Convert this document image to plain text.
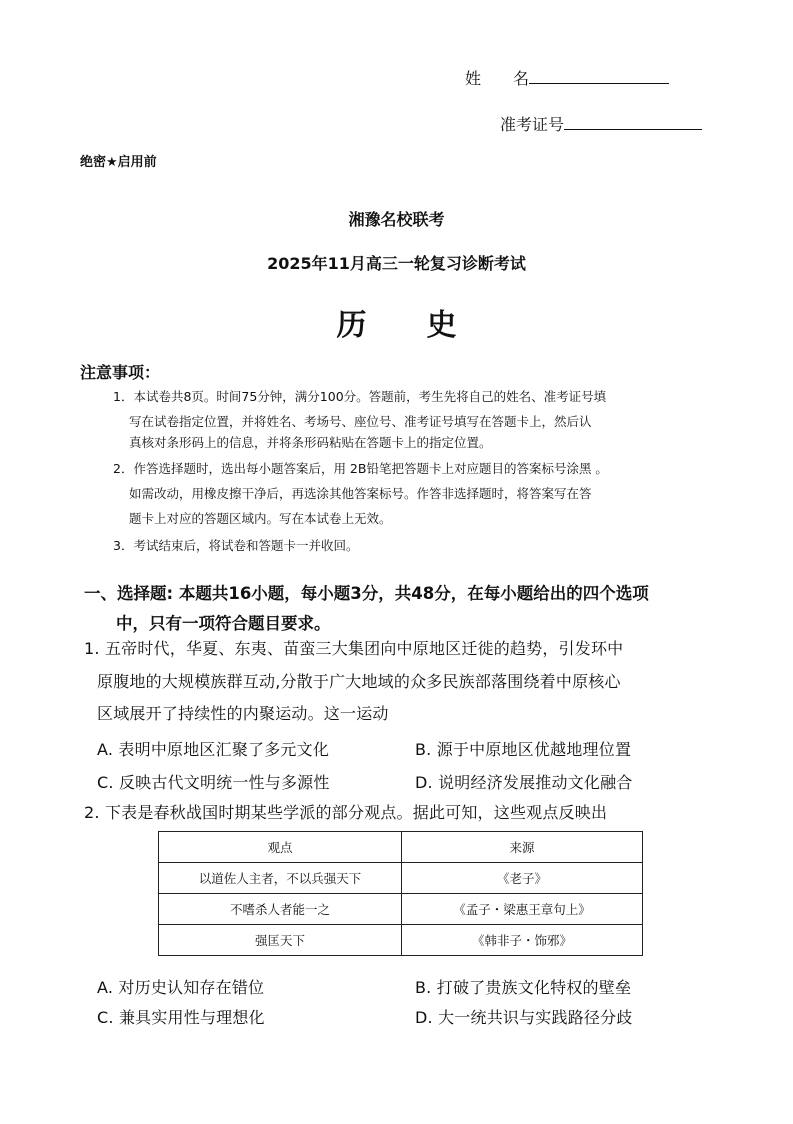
姓　　名
准考证号
绝密★启用前
湘豫名校联考
2025年11月高三一轮复习诊断考试
历　　史
注意事项：
1．本试卷共8页。时间75分钟，满分100分。答题前，考生先将自己的姓名、准考证号填
写在试卷指定位置，并将姓名、考场号、座位号、准考证号填写在答题卡上，然后认
真核对条形码上的信息，并将条形码粘贴在答题卡上的指定位置。
2．作答选择题时，选出每小题答案后，用 2B铅笔把答题卡上对应题目的答案标号涂黑 。
如需改动，用橡皮擦干净后，再选涂其他答案标号。作答非选择题时，将答案写在答
题卡上对应的答题区域内。写在本试卷上无效。
3．考试结束后，将试卷和答题卡一并收回。
一、选择题: 本题共16小题，每小题3分，共48分，在每小题给出的四个选项
中，只有一项符合题目要求。
1. 五帝时代，华夏、东夷、苗蛮三大集团向中原地区迁徙的趋势，引发环中
原腹地的大规模族群互动,分散于广大地域的众多民族部落围绕着中原核心
区域展开了持续性的内聚运动。这一运动
A. 表明中原地区汇聚了多元文化	B. 源于中原地区优越地理位置
C. 反映古代文明统一性与多源性	D. 说明经济发展推动文化融合
2. 下表是春秋战国时期某些学派的部分观点。据此可知，这些观点反映出
观点	来源
以道佐人主者，不以兵强天下	《老子》
不嗜杀人者能一之	《孟子・梁惠王章句上》
强匡天下	《韩非子・饰邪》
A. 对历史认知存在错位	B. 打破了贵族文化特权的壁垒
C. 兼具实用性与理想化	D. 大一统共识与实践路径分歧
